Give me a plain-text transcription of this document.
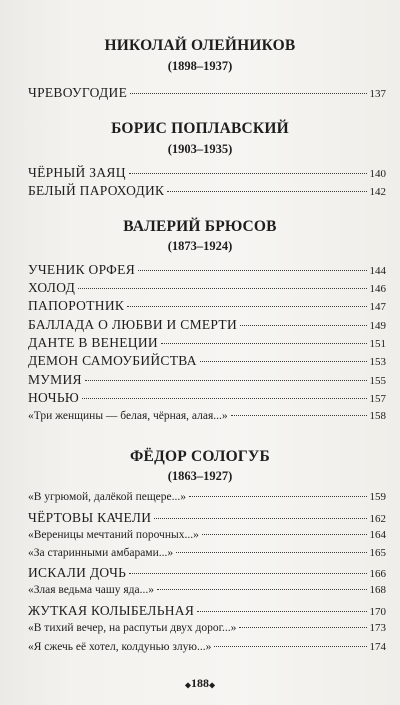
НИКОЛАЙ ОЛЕЙНИКОВ
(1898–1937)
ЧРЕВОУГОДИЕ	137
БОРИС ПОПЛАВСКИЙ
(1903–1935)
ЧЁРНЫЙ ЗАЯЦ	140
БЕЛЫЙ ПАРОХОДИК	142
ВАЛЕРИЙ БРЮСОВ
(1873–1924)
УЧЕНИК ОРФЕЯ	144
ХОЛОД	146
ПАПОРОТНИК	147
БАЛЛАДА О ЛЮБВИ И СМЕРТИ	149
ДАНТЕ В ВЕНЕЦИИ	151
ДЕМОН САМОУБИЙСТВА	153
МУМИЯ	155
НОЧЬЮ	157
«Три женщины — белая, чёрная, алая...»	158
ФЁДОР СОЛОГУБ
(1863–1927)
«В угрюмой, далёкой пещере...»	159
ЧЁРТОВЫ КАЧЕЛИ	162
«Вереницы мечтаний порочных...»	164
«За старинными амбарами...»	165
ИСКАЛИ ДОЧЬ	166
«Злая ведьма чашу яда...»	168
ЖУТКАЯ КОЛЫБЕЛЬНАЯ	170
«В тихий вечер, на распутьи двух дорог...»	173
«Я сжечь её хотел, колдунью злую...»	174
◆188◆
